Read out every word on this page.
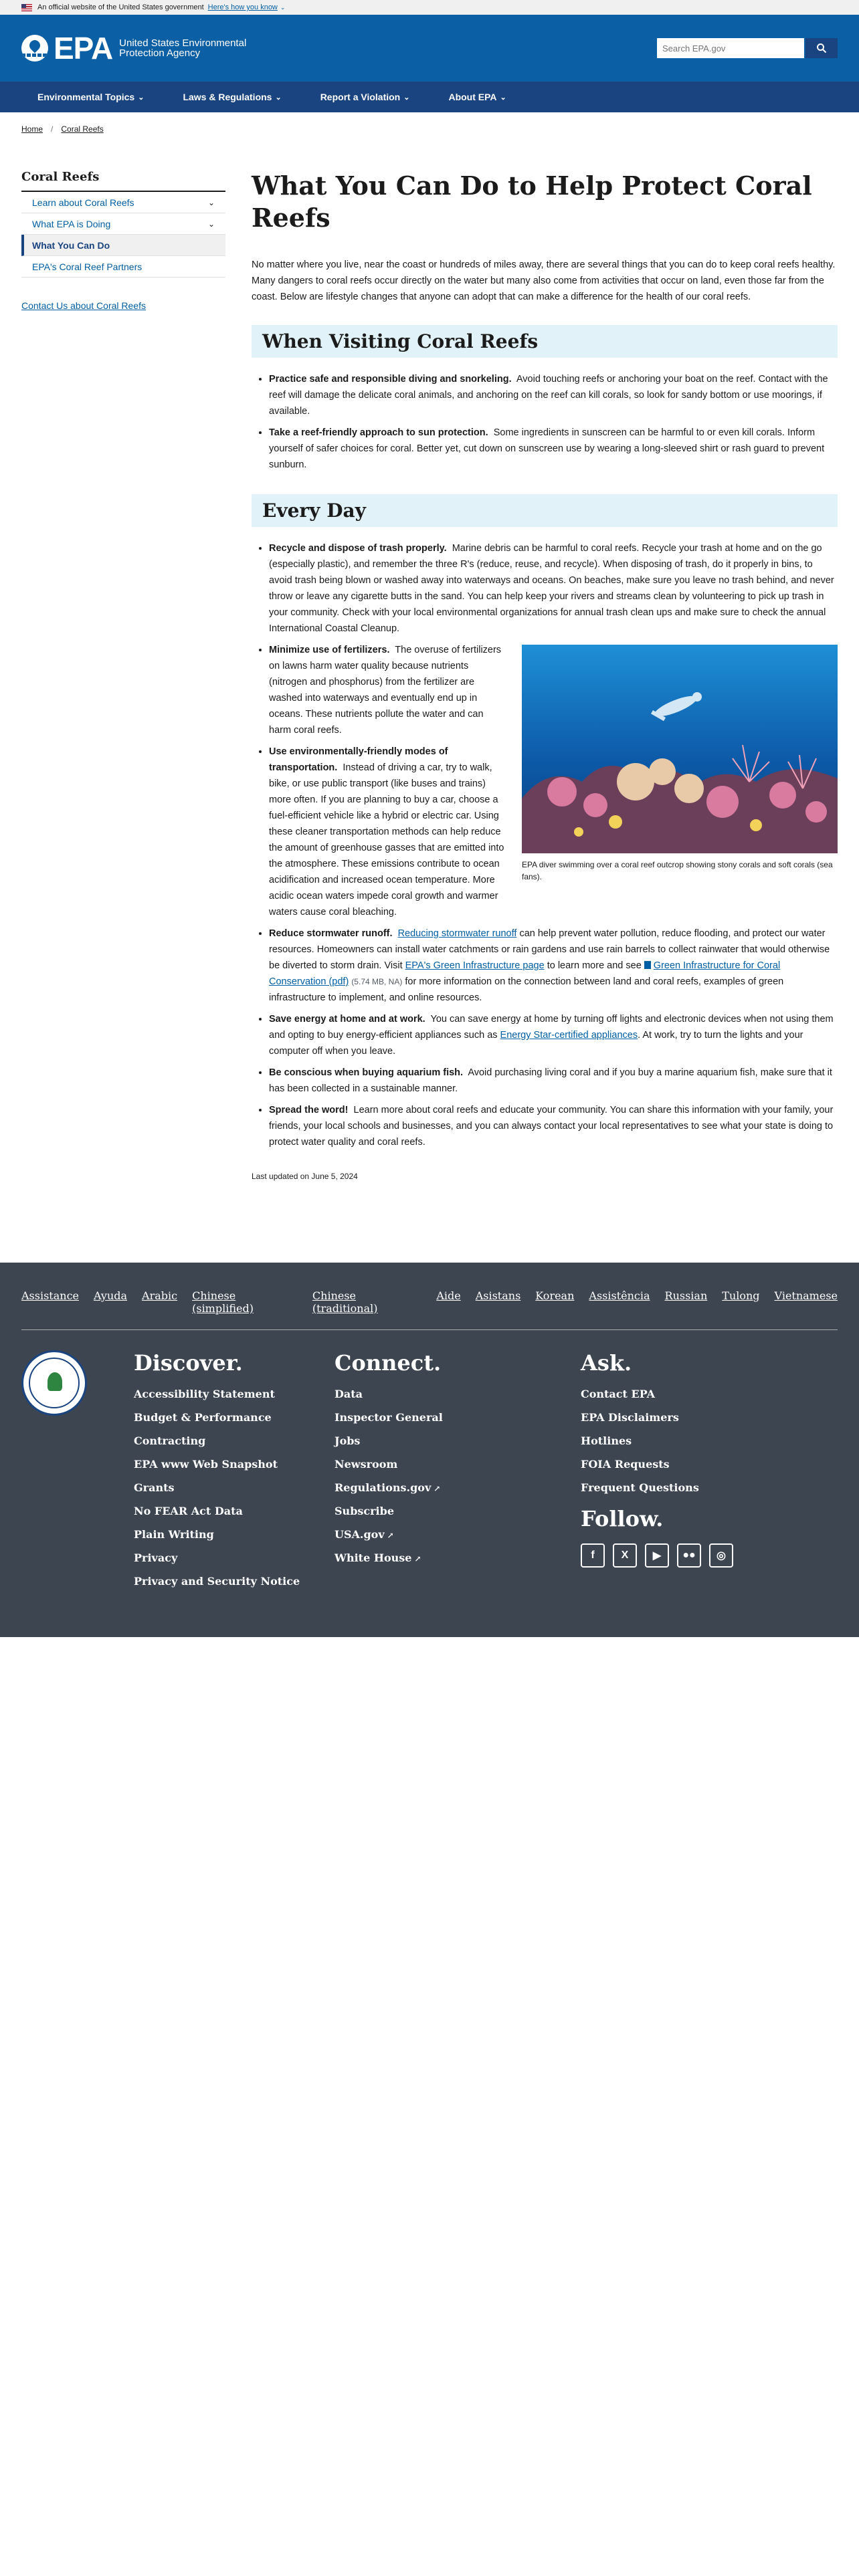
An official website of the United States government Here's how you know ⌄
EPA United States Environmental Protection Agency
Search EPA.gov
Environmental Topics ⌄	Laws & Regulations ⌄	Report a Violation ⌄	About EPA ⌄
Home / Coral Reefs
Coral Reefs
Learn about Coral Reefs	⌄
What EPA is Doing	⌄
What You Can Do
EPA's Coral Reef Partners
Contact Us about Coral Reefs
What You Can Do to Help Protect Coral Reefs

No matter where you live, near the coast or hundreds of miles away, there are several things that you can do to keep coral reefs healthy. Many dangers to coral reefs occur directly on the water but many also come from activities that occur on land, even those far from the coast. Below are lifestyle changes that anyone can adopt that can make a difference for the health of our coral reefs.

When Visiting Coral Reefs
• Practice safe and responsible diving and snorkeling. Avoid touching reefs or anchoring your boat on the reef. Contact with the reef will damage the delicate coral animals, and anchoring on the reef can kill corals, so look for sandy bottom or use moorings, if available.
• Take a reef-friendly approach to sun protection. Some ingredients in sunscreen can be harmful to or even kill corals. Inform yourself of safer choices for coral. Better yet, cut down on sunscreen use by wearing a long-sleeved shirt or rash guard to prevent sunburn.
Every Day
• Recycle and dispose of trash properly. Marine debris can be harmful to coral reefs. Recycle your trash at home and on the go (especially plastic), and remember the three R's (reduce, reuse, and recycle). When disposing of trash, do it properly in bins, to avoid trash being blown or washed away into waterways and oceans. On beaches, make sure you leave no trash behind, and never throw or leave any cigarette butts in the sand. You can help keep your rivers and streams clean by volunteering to pick up trash in your community. Check with your local environmental organizations for annual trash clean ups and make sure to check the annual International Coastal Cleanup.
• EPA diver swimming over a coral reef outcrop showing stony corals and soft corals (sea fans).
Minimize use of fertilizers. The overuse of fertilizers on lawns harm water quality because nutrients (nitrogen and phosphorus) from the fertilizer are washed into waterways and eventually end up in oceans. These nutrients pollute the water and can harm coral reefs.
• Use environmentally-friendly modes of transportation. Instead of driving a car, try to walk, bike, or use public transport (like buses and trains) more often. If you are planning to buy a car, choose a fuel-efficient vehicle like a hybrid or electric car. Using these cleaner transportation methods can help reduce the amount of greenhouse gasses that are emitted into the atmosphere. These emissions contribute to ocean acidification and increased ocean temperature. More acidic ocean waters impede coral growth and warmer waters cause coral bleaching.
• Reduce stormwater runoff. Reducing stormwater runoff can help prevent water pollution, reduce flooding, and protect our water resources. Homeowners can install water catchments or rain gardens and use rain barrels to collect rainwater that would otherwise be diverted to storm drain. Visit EPA's Green Infrastructure page to learn more and see Green Infrastructure for Coral Conservation (pdf) (5.74 MB, NA) for more information on the connection between land and coral reefs, examples of green infrastructure to implement, and online resources.
• Save energy at home and at work. You can save energy at home by turning off lights and electronic devices when not using them and opting to buy energy-efficient appliances such as Energy Star-certified appliances. At work, try to turn the lights and your computer off when you leave.
• Be conscious when buying aquarium fish. Avoid purchasing living coral and if you buy a marine aquarium fish, make sure that it has been collected in a sustainable manner.
• Spread the word! Learn more about coral reefs and educate your community. You can share this information with your family, your friends, your local schools and businesses, and you can always contact your local representatives to see what your state is doing to protect water quality and coral reefs.
Last updated on June 5, 2024
Assistance Ayuda Arabic Chinese (simplified)
Chinese (traditional)
Aide Asistans Korean Assistência Russian Tulong Vietnamese
Discover.
Accessibility Statement
Budget & Performance
Contracting
EPA www Web Snapshot
Grants
No FEAR Act Data
Plain Writing
Privacy
Privacy and Security Notice
Connect.
Data
Inspector General
Jobs
Newsroom
Regulations.gov ↗
Subscribe
USA.gov ↗
White House ↗
Ask.
Contact EPA
EPA Disclaimers
Hotlines
FOIA Requests
Frequent Questions
Follow.
f	X	▶	●●	◎
